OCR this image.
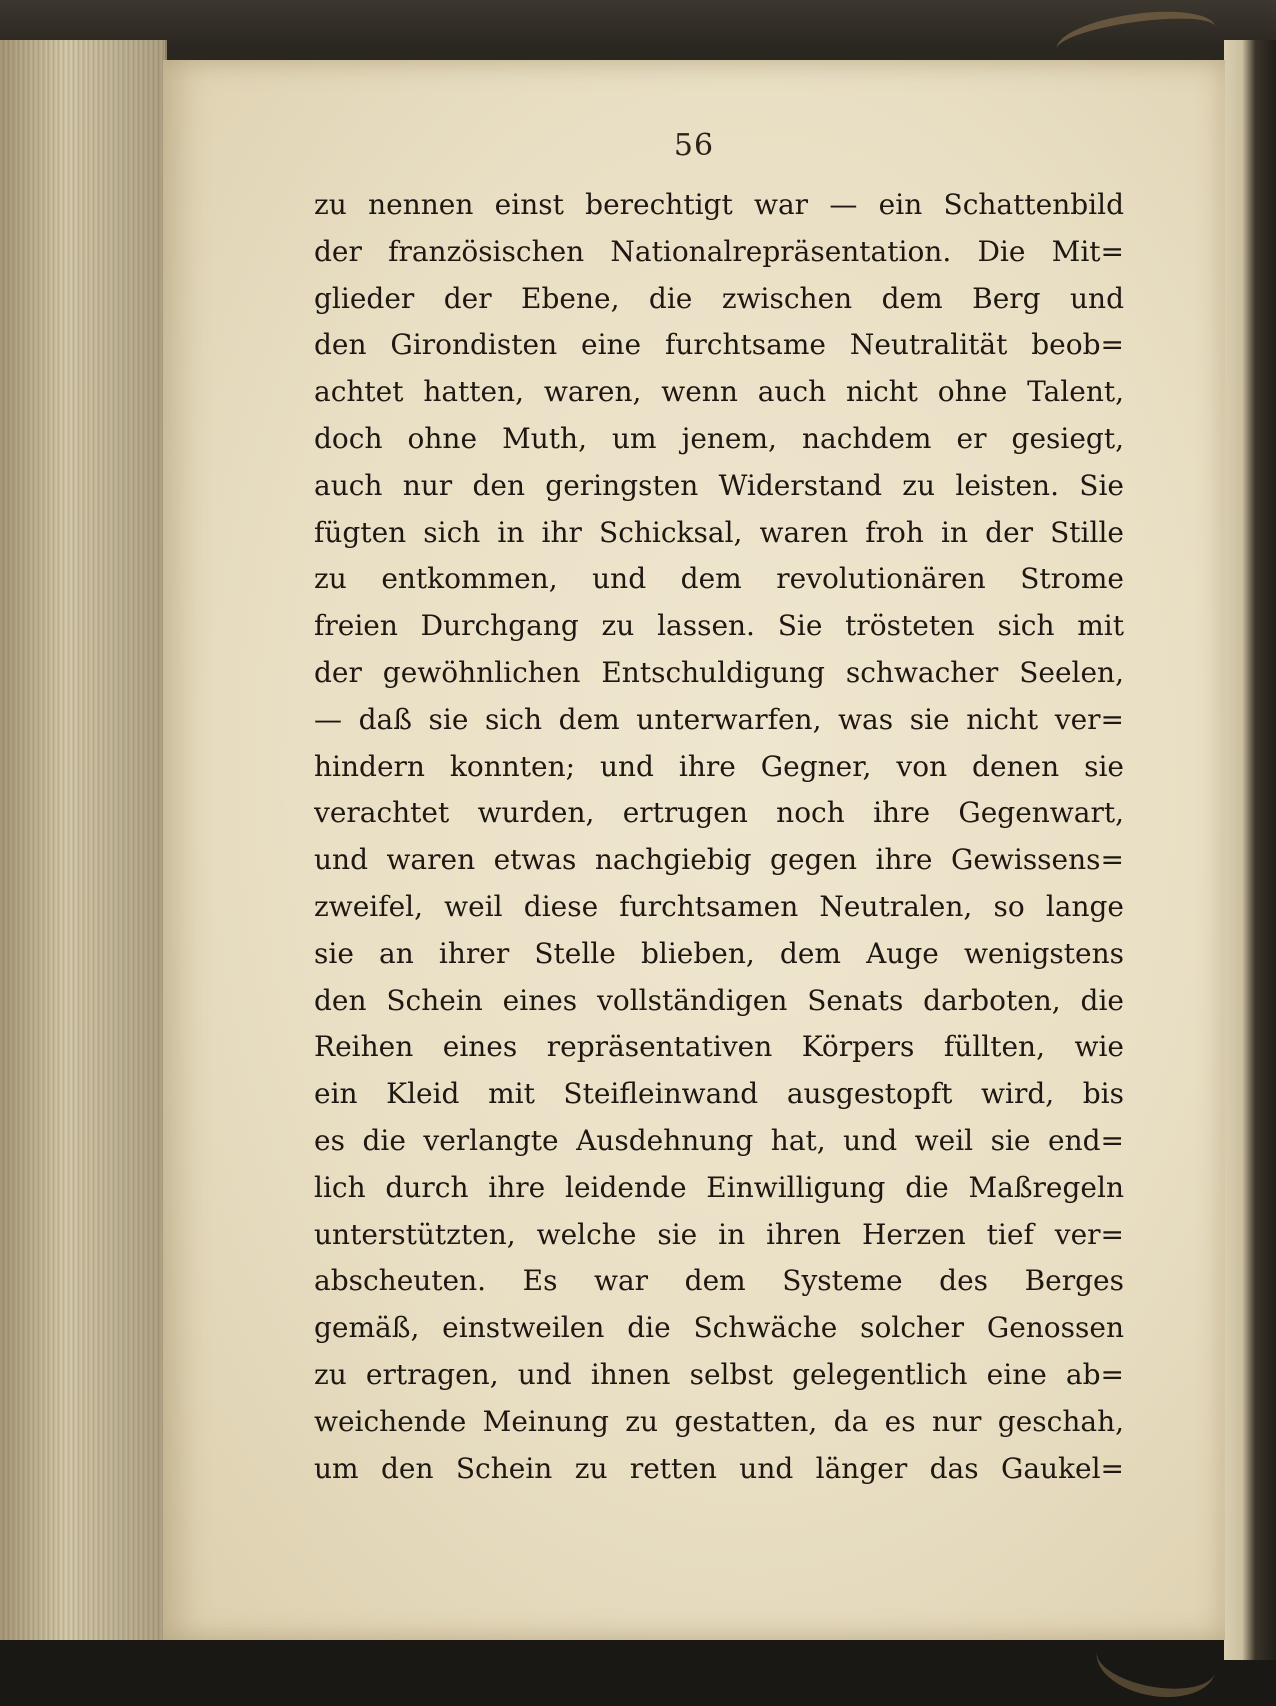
56
zu nennen einst berechtigt war — ein Schattenbild
der französischen Nationalrepräsentation. Die Mit=
glieder der Ebene, die zwischen dem Berg und
den Girondisten eine furchtsame Neutralität beob=
achtet hatten, waren, wenn auch nicht ohne Talent,
doch ohne Muth, um jenem, nachdem er gesiegt,
auch nur den geringsten Widerstand zu leisten. Sie
fügten sich in ihr Schicksal, waren froh in der Stille
zu entkommen, und dem revolutionären Strome
freien Durchgang zu lassen. Sie trösteten sich mit
der gewöhnlichen Entschuldigung schwacher Seelen,
— daß sie sich dem unterwarfen, was sie nicht ver=
hindern konnten; und ihre Gegner, von denen sie
verachtet wurden, ertrugen noch ihre Gegenwart,
und waren etwas nachgiebig gegen ihre Gewissens=
zweifel, weil diese furchtsamen Neutralen, so lange
sie an ihrer Stelle blieben, dem Auge wenigstens
den Schein eines vollständigen Senats darboten, die
Reihen eines repräsentativen Körpers füllten, wie
ein Kleid mit Steifleinwand ausgestopft wird, bis
es die verlangte Ausdehnung hat, und weil sie end=
lich durch ihre leidende Einwilligung die Maßregeln
unterstützten, welche sie in ihren Herzen tief ver=
abscheuten. Es war dem Systeme des Berges
gemäß, einstweilen die Schwäche solcher Genossen
zu ertragen, und ihnen selbst gelegentlich eine ab=
weichende Meinung zu gestatten, da es nur geschah,
um den Schein zu retten und länger das Gaukel=
